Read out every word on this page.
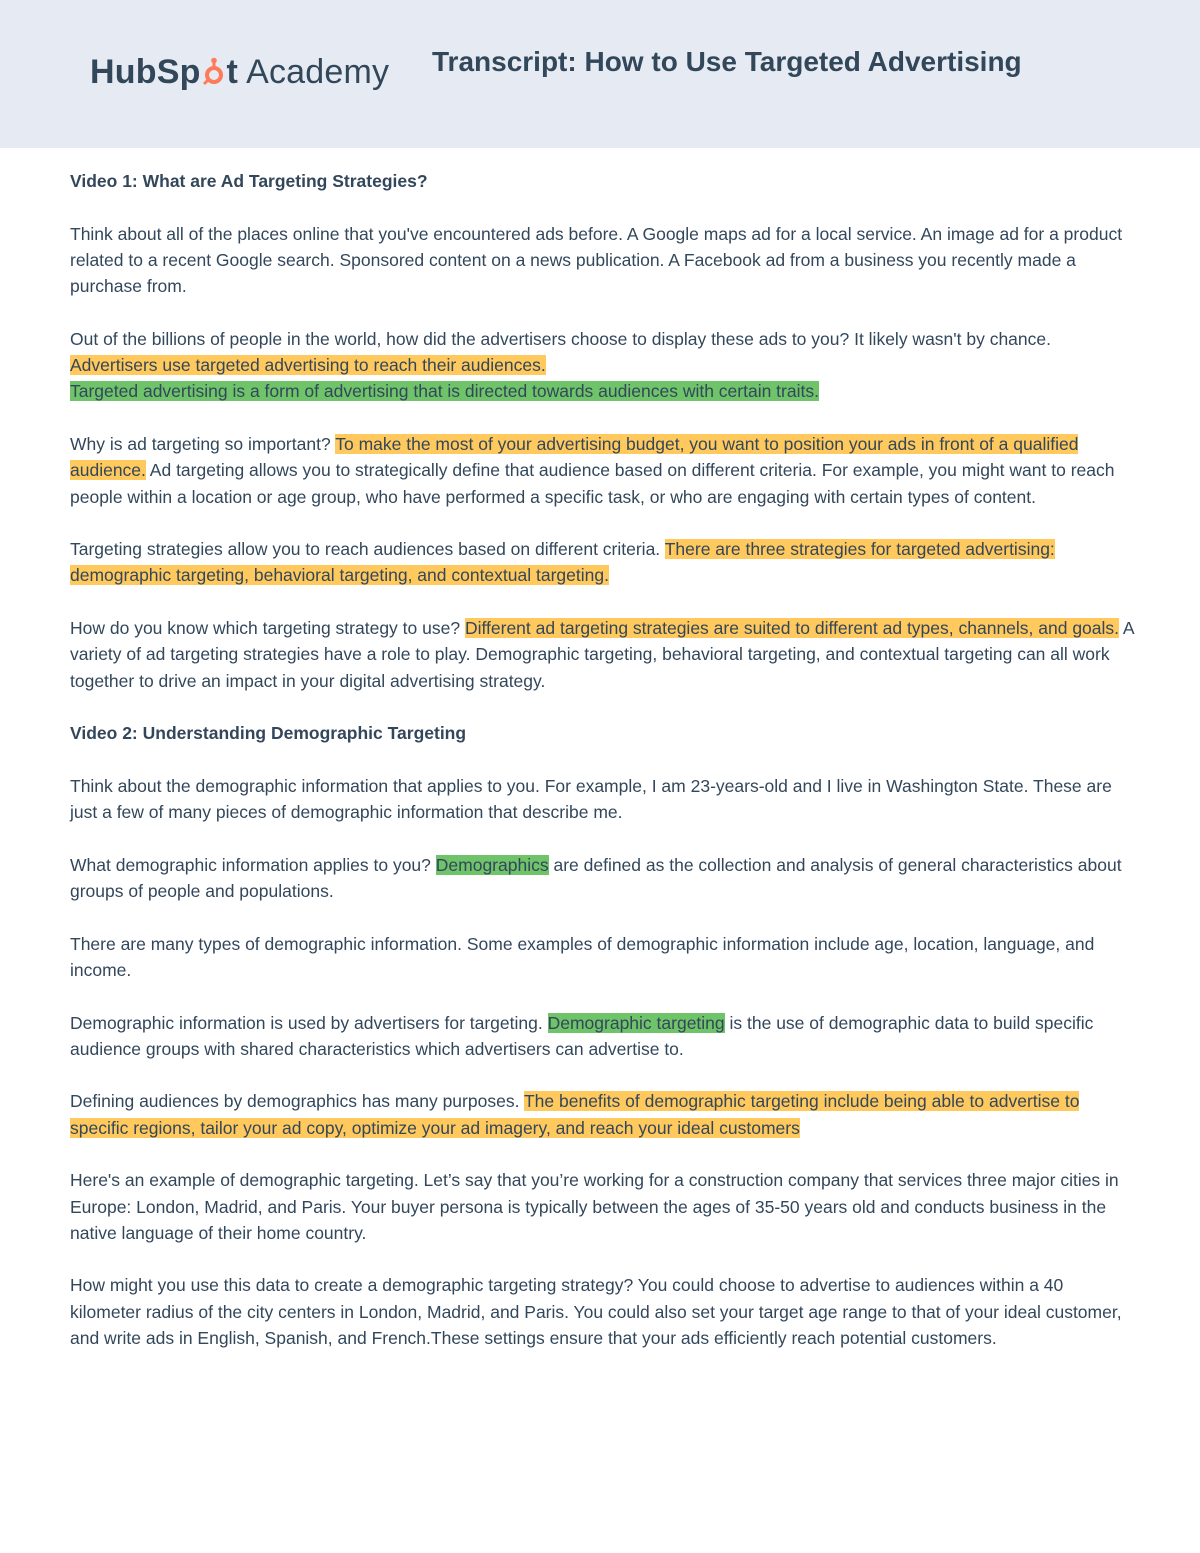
HubSp t Academy Transcript: How to Use Targeted Advertising
Video 1: What are Ad Targeting Strategies?

Think about all of the places online that you've encountered ads before. A Google maps ad for a local service. An image ad for a product related to a recent Google search. Sponsored content on a news publication. A Facebook ad from a business you recently made a purchase from.

Out of the billions of people in the world, how did the advertisers choose to display these ads to you? It likely wasn't by chance. Advertisers use targeted advertising to reach their audiences.
Targeted advertising is a form of advertising that is directed towards audiences with certain traits.

Why is ad targeting so important? To make the most of your advertising budget, you want to position your ads in front of a qualified audience. Ad targeting allows you to strategically define that audience based on different criteria. For example, you might want to reach people within a location or age group, who have performed a specific task, or who are engaging with certain types of content.

Targeting strategies allow you to reach audiences based on different criteria. There are three strategies for targeted advertising: demographic targeting, behavioral targeting, and contextual targeting.

How do you know which targeting strategy to use? Different ad targeting strategies are suited to different ad types, channels, and goals. A variety of ad targeting strategies have a role to play. Demographic targeting, behavioral targeting, and contextual targeting can all work together to drive an impact in your digital advertising strategy.

Video 2: Understanding Demographic Targeting

Think about the demographic information that applies to you. For example, I am 23-years-old and I live in Washington State. These are just a few of many pieces of demographic information that describe me.

What demographic information applies to you? Demographics are defined as the collection and analysis of general characteristics about groups of people and populations.

There are many types of demographic information. Some examples of demographic information include age, location, language, and income.

Demographic information is used by advertisers for targeting. Demographic targeting is the use of demographic data to build specific audience groups with shared characteristics which advertisers can advertise to.

Defining audiences by demographics has many purposes. The benefits of demographic targeting include being able to advertise to specific regions, tailor your ad copy, optimize your ad imagery, and reach your ideal customers

Here's an example of demographic targeting. Let’s say that you’re working for a construction company that services three major cities in Europe: London, Madrid, and Paris. Your buyer persona is typically between the ages of 35-50 years old and conducts business in the native language of their home country.

How might you use this data to create a demographic targeting strategy? You could choose to advertise to audiences within a 40 kilometer radius of the city centers in London, Madrid, and Paris. You could also set your target age range to that of your ideal customer, and write ads in English, Spanish, and French.These settings ensure that your ads efficiently reach potential customers.
